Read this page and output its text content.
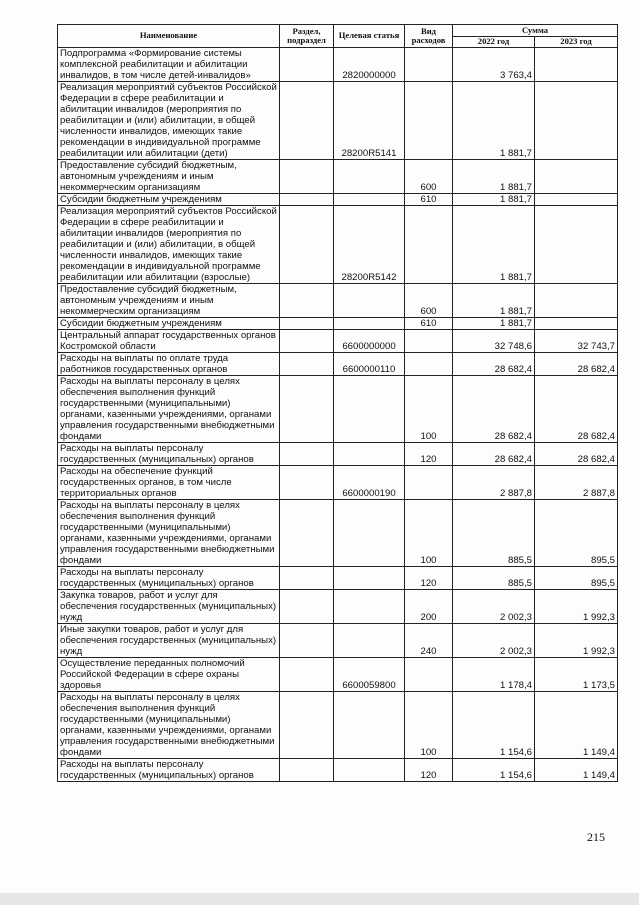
Наименование	Раздел, подраздел	Целевая статья	Вид расходов	Сумма	
				2022 год	2023 год
Подпрограмма «Формирование системы комплексной реабилитации и абилитации инвалидов, в том числе детей-инвалидов»		2820000000		3 763,4	
Реализация мероприятий субъектов Российской Федерации в сфере реабилитации и абилитации инвалидов (мероприятия по реабилитации и (или) абилитации, в общей численности инвалидов, имеющих такие рекомендации в индивидуальной программе реабилитации или абилитации (дети)		28200R5141		1 881,7	
Предоставление субсидий бюджетным, автономным учреждениям и иным некоммерческим организациям			600	1 881,7	
Субсидии бюджетным учреждениям			610	1 881,7	
Реализация мероприятий субъектов Российской Федерации в сфере реабилитации и абилитации инвалидов (мероприятия по реабилитации и (или) абилитации, в общей численности инвалидов, имеющих такие рекомендации в индивидуальной программе реабилитации или абилитации (взрослые)		28200R5142		1 881,7	
Предоставление субсидий бюджетным, автономным учреждениям и иным некоммерческим организациям			600	1 881,7	
Субсидии бюджетным учреждениям			610	1 881,7	
Центральный аппарат государственных органов Костромской области		6600000000		32 748,6	32 743,7
Расходы на выплаты по оплате труда работников государственных органов		6600000110		28 682,4	28 682,4
Расходы на выплаты персоналу в целях обеспечения выполнения функций государственными (муниципальными) органами, казенными учреждениями, органами управления государственными внебюджетными фондами			100	28 682,4	28 682,4
Расходы на выплаты персоналу государственных (муниципальных) органов			120	28 682,4	28 682,4
Расходы на обеспечение функций государственных органов, в том числе территориальных органов		6600000190		2 887,8	2 887,8
Расходы на выплаты персоналу в целях обеспечения выполнения функций государственными (муниципальными) органами, казенными учреждениями, органами управления государственными внебюджетными фондами			100	885,5	895,5
Расходы на выплаты персоналу государственных (муниципальных) органов			120	885,5	895,5
Закупка товаров, работ и услуг для обеспечения государственных (муниципальных) нужд			200	2 002,3	1 992,3
Иные закупки товаров, работ и услуг для обеспечения государственных (муниципальных) нужд			240	2 002,3	1 992,3
Осуществление переданных полномочий Российской Федерации в сфере охраны здоровья		6600059800		1 178,4	1 173,5
Расходы на выплаты персоналу в целях обеспечения выполнения функций государственными (муниципальными) органами, казенными учреждениями, органами управления государственными внебюджетными фондами			100	1 154,6	1 149,4
Расходы на выплаты персоналу государственных (муниципальных) органов			120	1 154,6	1 149,4
215
